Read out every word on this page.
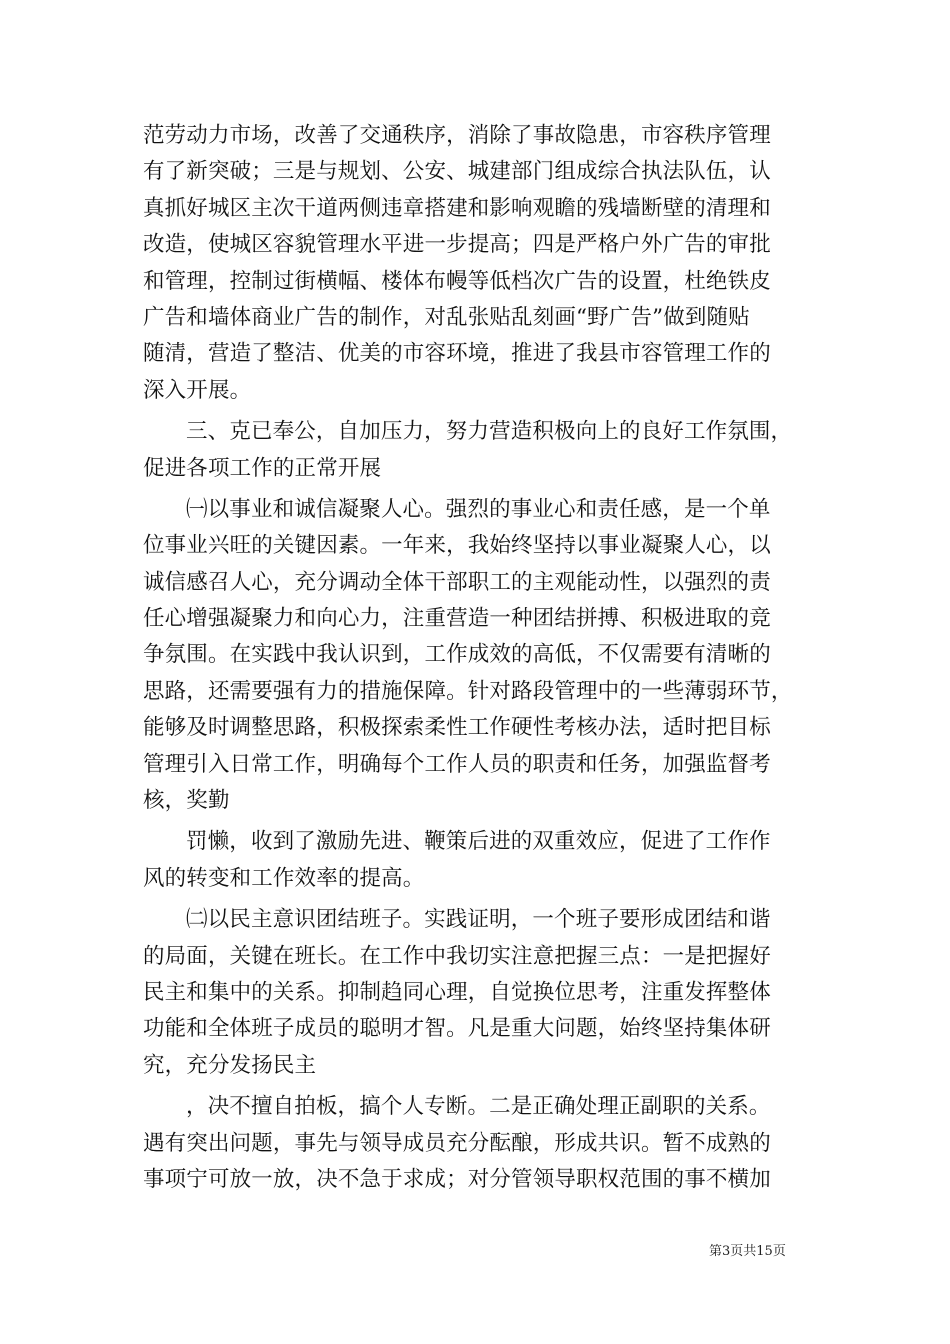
范劳动力市场，改善了交通秩序，消除了事故隐患，市容秩序管理
有了新突破；三是与规划、公安、城建部门组成综合执法队伍，认
真抓好城区主次干道两侧违章搭建和影响观瞻的残墙断壁的清理和
改造，使城区容貌管理水平进一步提高；四是严格户外广告的审批
和管理，控制过街横幅、楼体布幔等低档次广告的设置，杜绝铁皮
广告和墙体商业广告的制作，对乱张贴乱刻画“野广告”做到随贴
随清，营造了整洁、优美的市容环境，推进了我县市容管理工作的
深入开展。
三、克已奉公，自加压力，努力营造积极向上的良好工作氛围，
促进各项工作的正常开展
㈠以事业和诚信凝聚人心。强烈的事业心和责任感，是一个单
位事业兴旺的关键因素。一年来，我始终坚持以事业凝聚人心，以
诚信感召人心，充分调动全体干部职工的主观能动性，以强烈的责
任心增强凝聚力和向心力，注重营造一种团结拼搏、积极进取的竞
争氛围。在实践中我认识到，工作成效的高低，不仅需要有清晰的
思路，还需要强有力的措施保障。针对路段管理中的一些薄弱环节，
能够及时调整思路，积极探索柔性工作硬性考核办法，适时把目标
管理引入日常工作，明确每个工作人员的职责和任务，加强监督考
核，奖勤
罚懒，收到了激励先进、鞭策后进的双重效应，促进了工作作
风的转变和工作效率的提高。
㈡以民主意识团结班子。实践证明，一个班子要形成团结和谐
的局面，关键在班长。在工作中我切实注意把握三点：一是把握好
民主和集中的关系。抑制趋同心理，自觉换位思考，注重发挥整体
功能和全体班子成员的聪明才智。凡是重大问题，始终坚持集体研
究，充分发扬民主
，决不擅自拍板，搞个人专断。二是正确处理正副职的关系。
遇有突出问题，事先与领导成员充分酝酿，形成共识。暂不成熟的
事项宁可放一放，决不急于求成；对分管领导职权范围的事不横加
第3页共15页
